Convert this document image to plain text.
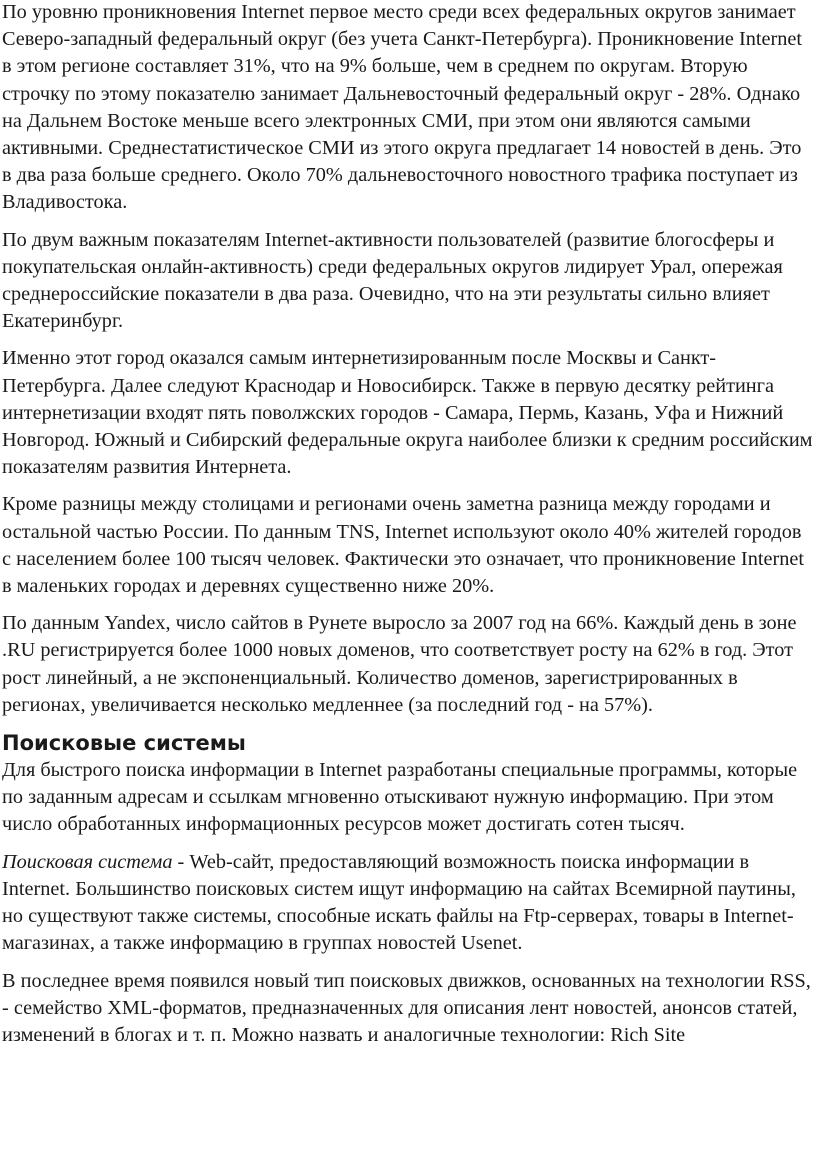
По уровню проникновения Internet первое место среди всех федеральных округов занимает Северо-западный федеральный округ (без учета Санкт-Петербурга). Проникновение Internet в этом регионе составляет 31%, что на 9% больше, чем в среднем по округам. Вторую строчку по этому показателю занимает Дальневосточный федеральный округ - 28%. Однако на Дальнем Востоке меньше всего электронных СМИ, при этом они являются самыми активными. Среднестатистическое СМИ из этого округа предлагает 14 новостей в день. Это в два раза больше среднего. Около 70% дальневосточного новостного трафика поступает из Владивостока.

По двум важным показателям Internet-активности пользователей (развитие блогосферы и покупательская онлайн-активность) среди федеральных округов лидирует Урал, опережая среднероссийские показатели в два раза. Очевидно, что на эти результаты сильно влияет Екатеринбург.

Именно этот город оказался самым интернетизированным после Москвы и Санкт-Петербурга. Далее следуют Краснодар и Новосибирск. Также в первую десятку рейтинга интернетизации входят пять поволжских городов - Самара, Пермь, Казань, Уфа и Нижний Новгород. Южный и Сибирский федеральные округа наиболее близки к средним российским показателям развития Интернета.

Кроме разницы между столицами и регионами очень заметна разница между городами и остальной частью России. По данным TNS, Internet используют около 40% жителей городов с населением более 100 тысяч человек. Фактически это означает, что проникновение Internet в маленьких городах и деревнях существенно ниже 20%.

По данным Yandex, число сайтов в Рунете выросло за 2007 год на 66%. Каждый день в зоне .RU регистрируется более 1000 новых доменов, что соответствует росту на 62% в год. Этот рост линейный, а не экспоненциальный. Количество доменов, зарегистрированных в регионах, увеличивается несколько медленнее (за последний год - на 57%).

Поисковые системы

Для быстрого поиска информации в Internet разработаны специальные программы, которые по заданным адресам и ссылкам мгновенно отыскивают нужную информацию. При этом число обработанных информационных ресурсов может достигать сотен тысяч.

Поисковая система - Web-сайт, предоставляющий возможность поиска информации в Internet. Большинство поисковых систем ищут информацию на сайтах Всемирной паутины, но существуют также системы, способные искать файлы на Ftp-серверах, товары в Internet-магазинах, а также информацию в группах новостей Usenet.

В последнее время появился новый тип поисковых движков, основанных на технологии RSS, - семейство XML-форматов, предназначенных для описания лент новостей, анонсов статей, изменений в блогах и т. п. Можно назвать и аналогичные технологии: Rich Site
